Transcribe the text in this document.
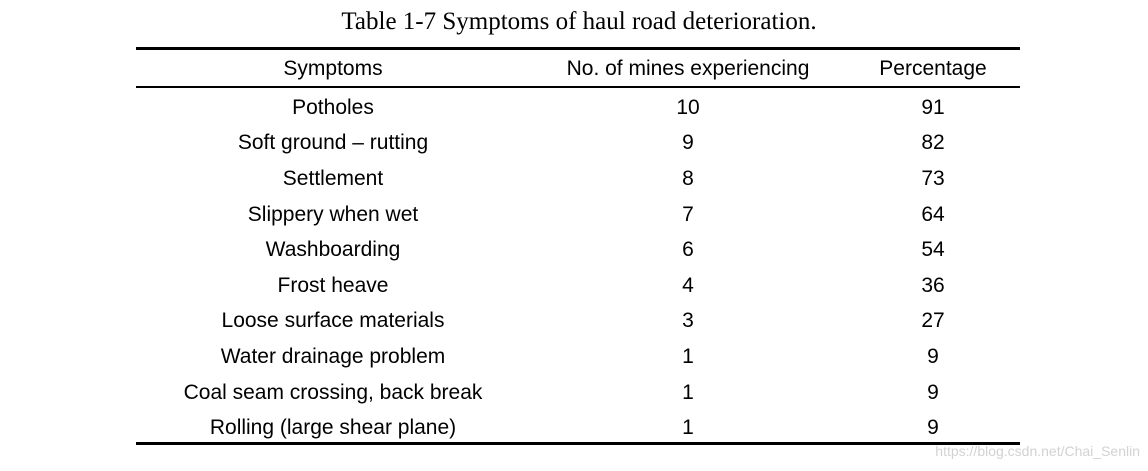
Table 1-7 Symptoms of haul road deterioration.
Symptoms	No. of mines experiencing	Percentage
Potholes	10	91
Soft ground – rutting	9	82
Settlement	8	73
Slippery when wet	7	64
Washboarding	6	54
Frost heave	4	36
Loose surface materials	3	27
Water drainage problem	1	9
Coal seam crossing, back break	1	9
Rolling (large shear plane)	1	9
https://blog.csdn.net/Chai_Senlin
